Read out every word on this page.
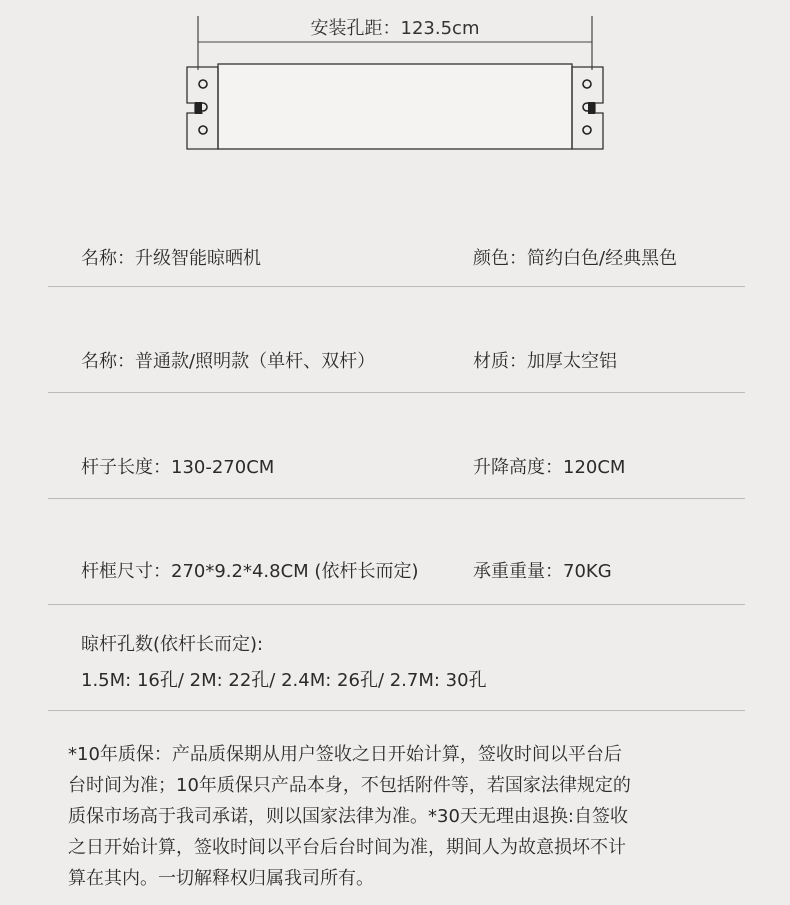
安装孔距：123.5cm
名称：升级智能晾晒机	颜色：简约白色/经典黑色
名称：普通款/照明款（单杆、双杆）	材质：加厚太空铝
杆子长度：130-270CM	升降高度：120CM
杆框尺寸：270*9.2*4.8CM (依杆长而定)	承重重量：70KG
晾杆孔数(依杆长而定):
1.5M: 16孔/ 2M: 22孔/ 2.4M: 26孔/ 2.7M: 30孔

*10年质保：产品质保期从用户签收之日开始计算，签收时间以平台后

台时间为准；10年质保只产品本身，不包括附件等，若国家法律规定的

质保市场高于我司承诺，则以国家法律为准。*30天无理由退换:自签收

之日开始计算，签收时间以平台后台时间为准，期间人为故意损坏不计

算在其内。一切解释权归属我司所有。
